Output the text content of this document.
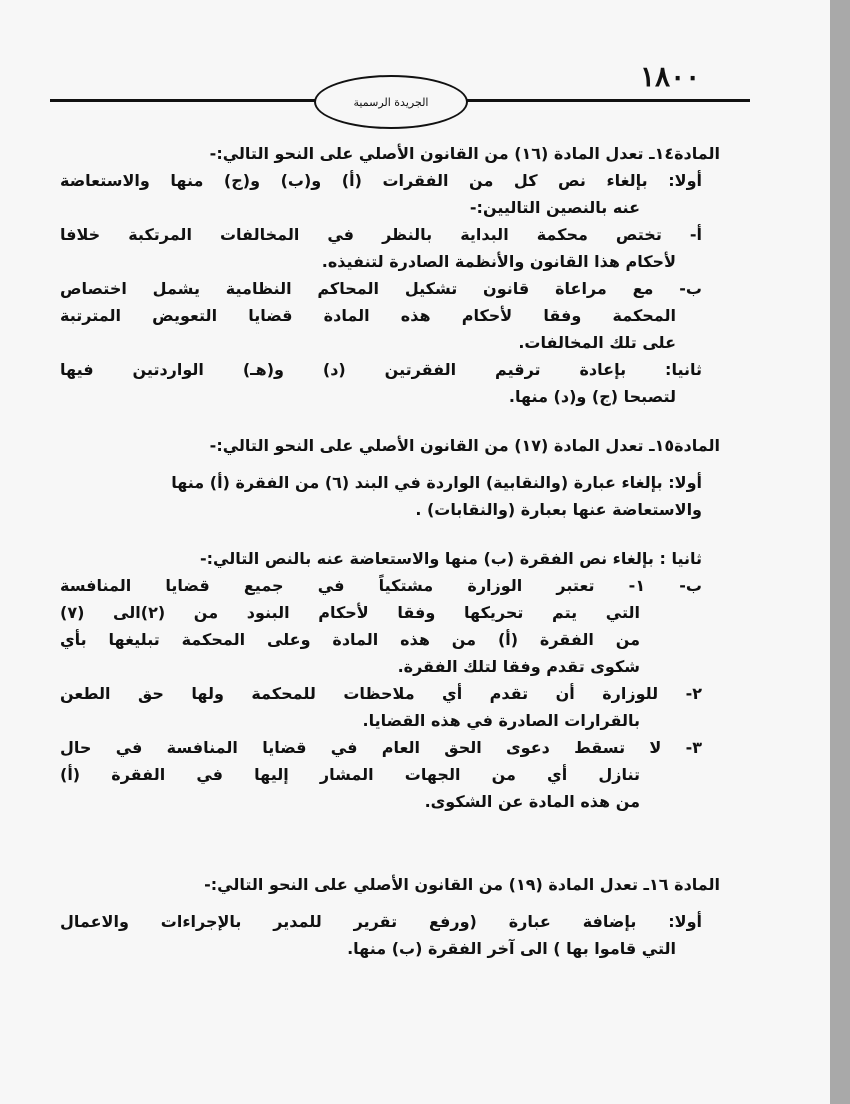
١٨٠٠
الجريدة الرسمية
المادة١٤ـ تعدل المادة (١٦) من القانون الأصلي على النحو التالي:-
أولا: بإلغاء نص كل من الفقرات (أ) و(ب) و(ج) منها والاستعاضة
عنه بالنصين التاليين:-
أ- تختص محكمة البداية بالنظر في المخالفات المرتكبة خلافا
لأحكام هذا القانون والأنظمة الصادرة لتنفيذه.
ب- مع مراعاة قانون تشكيل المحاكم النظامية يشمل اختصاص
المحكمة وفقا لأحكام هذه المادة قضايا التعويض المترتبة
على تلك المخالفات.
ثانيا: بإعادة ترقيم الفقرتين (د) و(هـ) الواردتين فيها
لتصبحا (ج) و(د) منها.
المادة١٥ـ تعدل المادة (١٧) من القانون الأصلي على النحو التالي:-
أولا: بإلغاء عبارة (والنقابية) الواردة في البند (٦) من الفقرة (أ) منها
والاستعاضة عنها بعبارة (والنقابات) .
ثانيا : بإلغاء نص الفقرة (ب) منها والاستعاضة عنه بالنص التالي:-
ب- ١- تعتبر الوزارة مشتكياً في جميع قضايا المنافسة
التي يتم تحريكها وفقا لأحكام البنود من (٢)الى (٧)
من الفقرة (أ) من هذه المادة وعلى المحكمة تبليغها بأي
شكوى تقدم وفقا لتلك الفقرة.
٢- للوزارة أن تقدم أي ملاحظات للمحكمة ولها حق الطعن
بالقرارات الصادرة في هذه القضايا.
٣- لا تسقط دعوى الحق العام في قضايا المنافسة في حال
تنازل أي من الجهات المشار إليها في الفقرة (أ)
من هذه المادة عن الشكوى.
المادة ١٦ـ تعدل المادة (١٩) من القانون الأصلي على النحو التالي:-
أولا: بإضافة عبارة (ورفع تقرير للمدير بالإجراءات والاعمال
التي قاموا بها ) الى آخر الفقرة (ب) منها.
